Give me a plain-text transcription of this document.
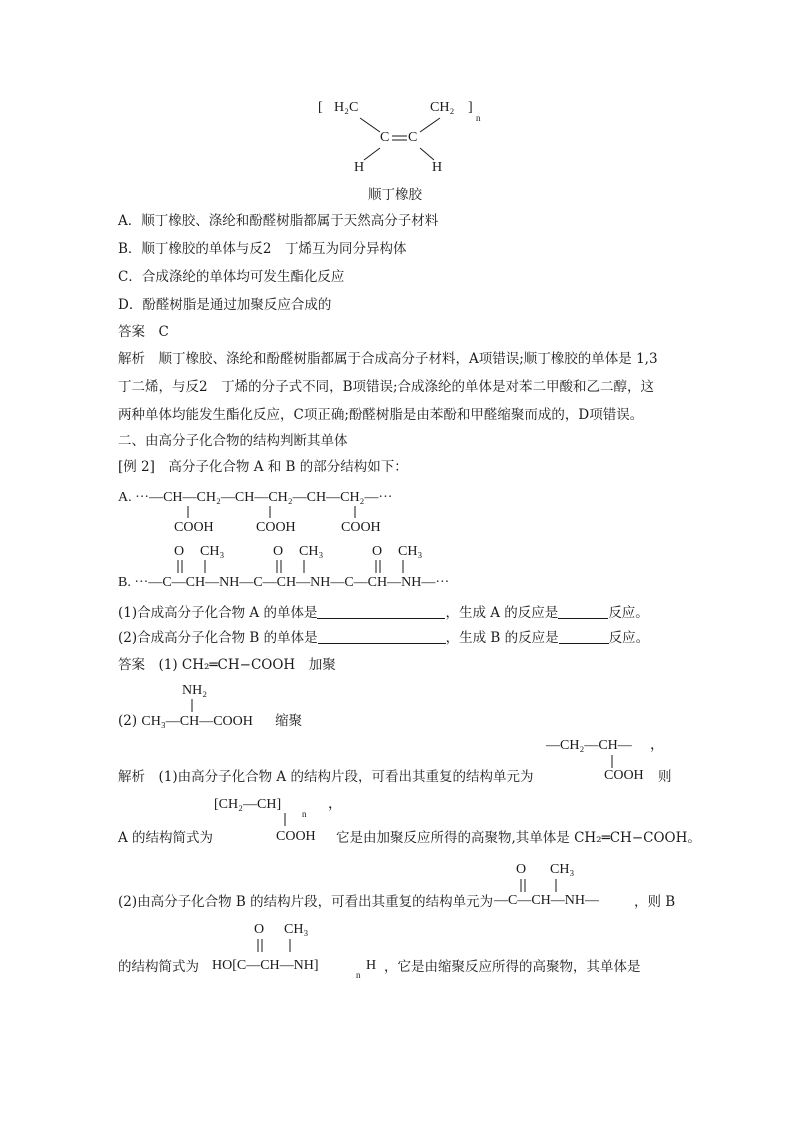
[ H₂C	CH₂ ]
n
C C
H	H
顺丁橡胶
A．顺丁橡胶、涤纶和酚醛树脂都属于天然高分子材料
B．顺丁橡胶的单体与反2　丁烯互为同分异构体
C．合成涤纶的单体均可发生酯化反应
D．酚醛树脂是通过加聚反应合成的
答案　C
解析　顺丁橡胶、涤纶和酚醛树脂都属于合成高分子材料，A项错误;顺丁橡胶的单体是 1,3
丁二烯，与反2　丁烯的分子式不同，B项错误;合成涤纶的单体是对苯二甲酸和乙二醇，这
两种单体均能发生酯化反应，C项正确;酚醛树脂是由苯酚和甲醛缩聚而成的，D项错误。
二、由高分子化合物的结构判断其单体
[例 2]　高分子化合物 A 和 B 的部分结构如下：
A. ···—CH—CH₂—CH—CH₂—CH—CH₂—···
COOH	COOH	COOH
O CH₃	O CH₃	O CH₃
B. ···—C—CH—NH—C—CH—NH—C—CH—NH—···
(1)合成高分子化合物 A 的单体是	，生成 A 的反应是	反应。
(2)合成高分子化合物 B 的单体是	，生成 B 的反应是	反应。
答案　(1) CH₂═CH−COOH　加聚
NH₂
(2) CH₃—CH—COOH 缩聚
—CH₂—CH— ，
解析　(1)由高分子化合物 A 的结构片段，可看出其重复的结构单元为	COOH 则
[CH₂—CH]
n
，
A 的结构简式为	COOH 它是由加聚反应所得的高聚物,其单体是 CH₂═CH−COOH。
O CH₃
(2)由高分子化合物 B 的结构片段，可看出其重复的结构单元为 —C—CH—NH—	，则 B
O CH₃
的结构简式为 HO[C—CH—NH]
n
H ，它是由缩聚反应所得的高聚物，其单体是
